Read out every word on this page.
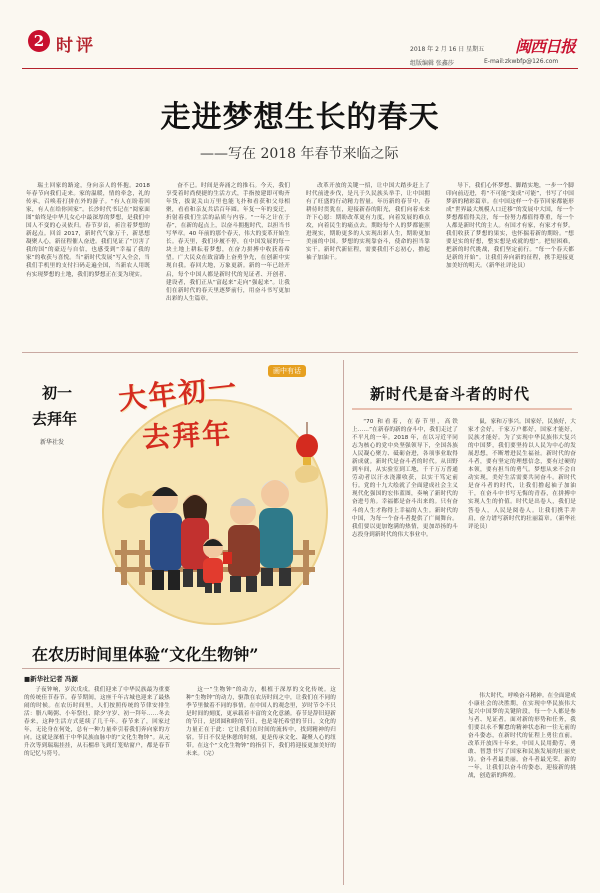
2 时评	2018 年 2 月 16 日 星期五 闽西日报
组版编辑 张鑫莎	E-mail:zkwbfp@126.com
走进梦想生长的春天
——写在 2018 年春节来临之际

瑞土回家的路途，身向亲人的怀抱。2018 年春节向我们走来。家的温暖，情的牵念，礼的传承，召唤着打拼在外的游子。“有人在盼着回家，有人在给你回家”。长沙时代书记在“阅家面图”始终是中华儿女心中最深厚的梦想，是我们中国人不变的心灵依归。春节岁首，祈注着梦想的新起点。回首 2017，新时代气象万千，新思想凝聚人心，新征程催人奋进。我们见证了“厉害了我的国”的豪迈与自信，也感受到“幸福了我的家”的收获与喜悦。当“新时代发展”写入全会，当我们手机里的支付扫码走遍全国，当新农人用既有实现梦想的土地，我们的梦想正在变为现实。

奋不已。时间是奔涌之的推石。今天，我们享受着时尚便捷的生活方式，手指按建即可购齐年货，拔说关山万里也能飞扑和看获和父母相聚，看看和亲友共话百年圆。年复一年的变迁，折射着我们生活的品质与内容。“一年之计在于春”，在新的起点上，以奋斗拥抱时代，以担当书写华章。40 年前的那个春天，伟大的变革开始生长。春天里，我们步履不停，在中国发展的每一块土地上耕耘着梦想，在奋力拼搏中收获着希望。广大民众在致富路上奋勇争先，在创新中实现自我。春回大地，万象更新。新的一年已经开启，每个中国人都是新时代的见证者、开创者、建设者，我们正从“富起来”走向“强起来”。让我们在新时代的春天里逐梦前行，用奋斗书写更加出彩的人生篇章。

改革开放的关键一招，让中国大踏步赶上了时代前进步伐，是凡于久民族头举手，让中国拥有了旺盛的行动精力智量。年历新的春节中，春耕待时贯犹在，迎接新春的阳光，我们向着未来许下心愿：期盼改革更有力度，向着发展的难点攻，向着民生的痛点去。期盼每个人的梦都能照进现实，期盼更多的人实现出彩人生，期盼更加美丽的中国。梦想的实现靠奋斗，使命的担当靠实干。新时代新征程，需要我们不忘初心，撸起袖子加油干。

导下，我们心怀梦想、脚踏实地，一步一个脚印向前迈进，将“不可能”变成“可能”，书写了中国梦新的精彩篇章。在中国这样一个春节回家都能形成“世界最大规模人口迁移”的发展中大国，每一个梦想都值得关注，每一份努力都值得尊重，每一个人都是新时代的主人。有国才有家，有家才有梦。我们收获了梦想的果实，也怀揣着新的期盼。“想要是实的好想，整实想是成就的想”。把短困难，把新的时代挑战，我们坚定前行。“每一个春天都是新的开始”。让我们奔向新的征程，携手迎接更加美好的明天。（新华社评论员）

初一
去拜年
新华社发
大年初一
去拜年
画中有话
在农历时间里体验“文化生物钟”
■新华社记者 冯源

子夜钟响，岁次戊戌。我们迎来了中华民族最为重要的传统佳节春节。春节期间，这座千年古城也迎来了最热闹的时候。在农历时间里，人们按照传统的节律安排生活：腊八喝粥、小年祭灶、除夕守岁、初一拜年……冬去春来，这种生活方式延续了几千年。春节来了，回家过年，无论身在何处，总有一种力量牵引着我们奔向家的方向。这就是深植于中华民族血脉中的“文化生物钟”。从元升次等到瑞瑞挂挂，从石榴串飞到灯笼贴窗户，都是春节的记忆与符号。

这一“生物钟”的动力，根植于深厚的文化传统。这种“生物钟”的动力，驱散在农历时间之中，让我们在不同的季节里做着不同的事情。在中国人的观念里，岁时节令不只是时间的刻度，更承载着丰富的文化意涵。春节是辞旧迎新的节日，是团圆和睦的节日，也是寄托希望的节日。文化的力量正在于此：它让我们在时间的流转中，找到精神的归宿。节日不仅是休憩的时刻，更是传承文化、凝聚人心的纽带。在这个“文化生物钟”的指引下，我们将迎接更加美好的未来。（完）

新时代是奋斗者的时代

“70 和看着，在春节里，高铁上……”在新春的新的奋斗中，我们走过了不平凡的一年。2018 年，在以习近平同志为核心的党中央坚强领导下，全国各族人民凝心聚力、砥砺奋进，各项事业取得新成就。新时代是奋斗者的时代。从田野到车间，从实验室到工地，千千万万普通劳动者以汗水浇灌收获，以实干笃定前行。党的十九大绘就了全面建成社会主义现代化强国的宏伟蓝图，奏响了新时代的奋进号角。幸福都是奋斗出来的。只有奋斗的人生才称得上幸福的人生。新时代的中国，为每一个奋斗者提供了广阔舞台。我们要以更加饱满的热情，更加昂扬的斗志投身到新时代的伟大事业中。

鼠，家和万事兴。国家好，民族好，大家才会好。千家万户都好，国家才能好，民族才能好。为了实现中华民族伟大复兴的中国梦，我们要坚持以人民为中心的发展思想，不断增进民生福祉。新时代的奋斗者，要有坚定的理想信念，要有过硬的本领，要有担当的勇气。梦想从来不会自动实现，美好生活需要共同奋斗。新时代是奋斗者的时代，让我们撸起袖子加油干，在奋斗中书写无悔的青春，在拼搏中实现人生的价值。时代是出卷人，我们是答卷人，人民是阅卷人。让我们携手并肩，奋力谱写新时代的壮丽篇章。（新华社评论员）

伟大时代，呼唤奋斗精神。在全面建成小康社会的决胜期，在实现中华民族伟大复兴中国梦的关键阶段，每一个人都是参与者、见证者。面对新的形势和任务，我们要以永不懈怠的精神状态和一往无前的奋斗姿态，在新时代的征程上勇往直前。改革开放四十年来，中国人民用勤劳、勇敢、智慧书写了国家和民族发展的壮丽史诗。奋斗者最美丽，奋斗者最光荣。新的一年，让我们以奋斗的姿态，迎接新的挑战，创造新的辉煌。
